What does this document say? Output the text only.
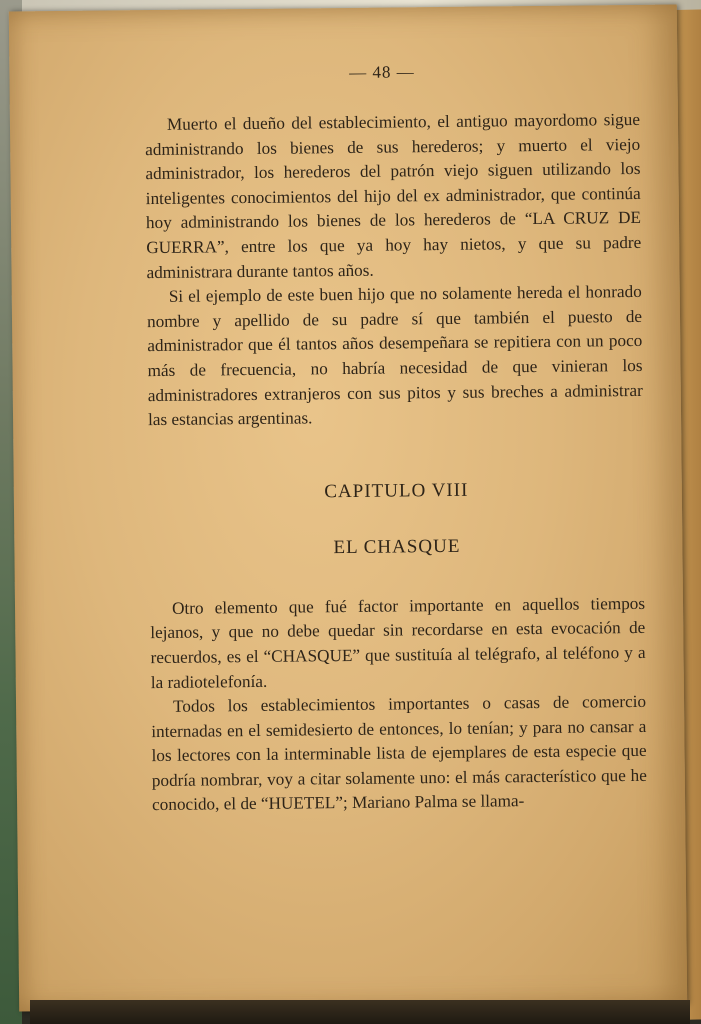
— 48 —

Muerto el dueño del establecimiento, el antiguo mayordomo sigue administrando los bienes de sus herederos; y muerto el viejo administrador, los herederos del patrón viejo siguen utilizando los inteligentes conocimientos del hijo del ex administrador, que continúa hoy administrando los bienes de los herederos de “LA CRUZ DE GUERRA”, entre los que ya hoy hay nietos, y que su padre administrara durante tantos años.

Si el ejemplo de este buen hijo que no solamente hereda el honrado nombre y apellido de su padre sí que también el puesto de administrador que él tantos años desempeñara se repitiera con un poco más de frecuencia, no habría necesidad de que vinieran los administradores extranjeros con sus pitos y sus breches a administrar las estancias argentinas.

CAPITULO VIII
EL CHASQUE

Otro elemento que fué factor importante en aquellos tiempos lejanos, y que no debe quedar sin recordarse en esta evocación de recuerdos, es el “CHASQUE” que sustituía al telégrafo, al teléfono y a la radiotelefonía.

Todos los establecimientos importantes o casas de comercio internadas en el semidesierto de entonces, lo tenían; y para no cansar a los lectores con la interminable lista de ejemplares de esta especie que podría nombrar, voy a citar solamente uno: el más característico que he conocido, el de “HUETEL”; Mariano Palma se llama-
